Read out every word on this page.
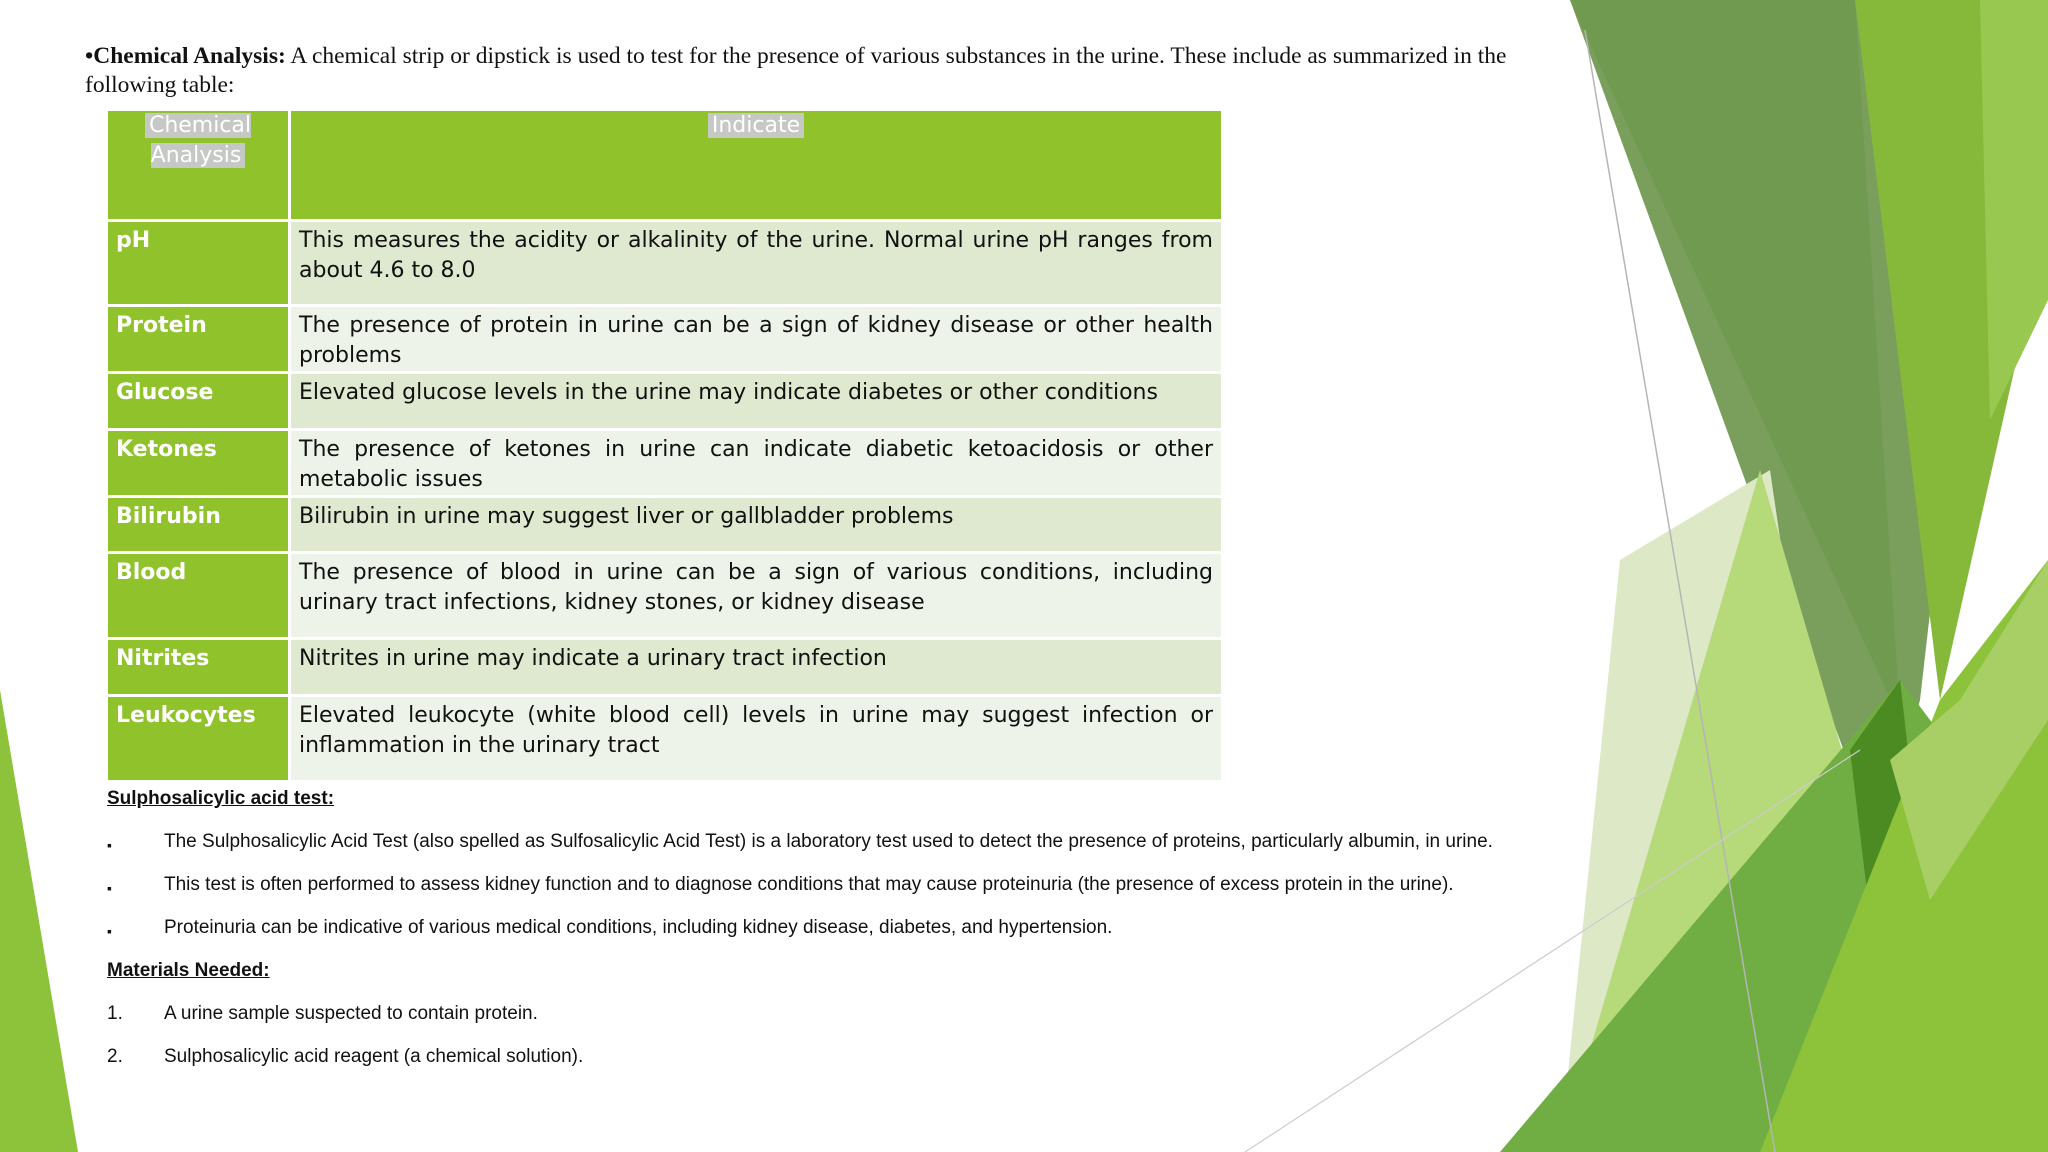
•Chemical Analysis: A chemical strip or dipstick is used to test for the presence of various substances in the urine. These include as summarized in the following table:
Chemical Analysis	Indicate
pH	This measures the acidity or alkalinity of the urine. Normal urine pH ranges from about 4.6 to 8.0
Protein	The presence of protein in urine can be a sign of kidney disease or other health problems
Glucose	Elevated glucose levels in the urine may indicate diabetes or other conditions
Ketones	The presence of ketones in urine can indicate diabetic ketoacidosis or other metabolic issues
Bilirubin	Bilirubin in urine may suggest liver or gallbladder problems
Blood	The presence of blood in urine can be a sign of various conditions, including urinary tract infections, kidney stones, or kidney disease
Nitrites	Nitrites in urine may indicate a urinary tract infection
Leukocytes	Elevated leukocyte (white blood cell) levels in urine may suggest infection or inflammation in the urinary tract
Sulphosalicylic acid test:
▪	The Sulphosalicylic Acid Test (also spelled as Sulfosalicylic Acid Test) is a laboratory test used to detect the presence of proteins, particularly albumin, in urine.
▪	This test is often performed to assess kidney function and to diagnose conditions that may cause proteinuria (the presence of excess protein in the urine).
▪	Proteinuria can be indicative of various medical conditions, including kidney disease, diabetes, and hypertension.
Materials Needed:
1.	A urine sample suspected to contain protein.
2.	Sulphosalicylic acid reagent (a chemical solution).
